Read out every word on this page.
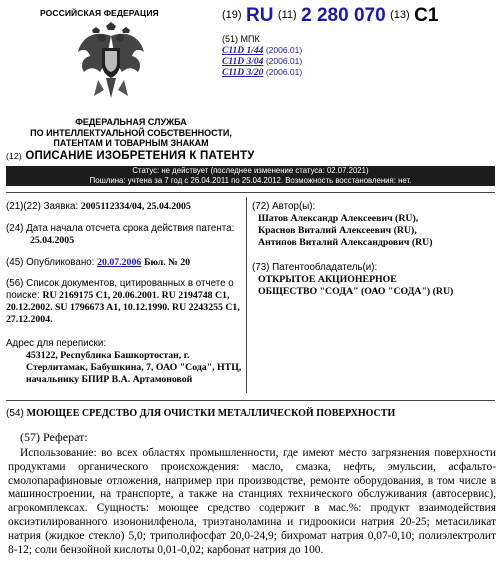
РОССИЙСКАЯ ФЕДЕРАЦИЯ
ФЕДЕРАЛЬНАЯ СЛУЖБА
ПО ИНТЕЛЛЕКТУАЛЬНОЙ СОБСТВЕННОСТИ,
ПАТЕНТАМ И ТОВАРНЫМ ЗНАКАМ
$^{(19)}$ RU $^{(11)}$ 2 280 070 $^{(13)}$ C1
(51) МПК
C11D 1/44 (2006.01)
C11D 3/04 (2006.01)
C11D 3/20 (2006.01)
(12) ОПИСАНИЕ ИЗОБРЕТЕНИЯ К ПАТЕНТУ
Статус: не действует (последнее изменение статуса: 02.07.2021)
Пошлина: учтена за 7 год с 26.04.2011 по 25.04.2012. Возможность восстановления: нет.
(21)(22) Заявка: 2005112334/04, 25.04.2005
(24) Дата начала отсчета срока действия патента:
25.04.2005
(45) Опубликовано: 20.07.2006 Бюл. № 20
(56) Список документов, цитированных в отчете о поиске: RU 2169175 C1, 20.06.2001. RU 2194748 C1, 20.12.2002. SU 1796673 A1, 10.12.1990. RU 2243255 C1, 27.12.2004.
Адрес для переписки:
453122, Республика Башкортостан, г. Стерлитамак, Бабушкина, 7, ОАО "Сода", НТЦ, начальнику БПИР В.А. Артамоновой
(72) Автор(ы):
Шатов Александр Алексеевич (RU),
Краснов Виталий Алексеевич (RU),
Антипов Виталий Александрович (RU)
(73) Патентообладатель(и):
ОТКРЫТОЕ АКЦИОНЕРНОЕ ОБЩЕСТВО "СОДА" (ОАО "СОДА") (RU)
(54) МОЮЩЕЕ СРЕДСТВО ДЛЯ ОЧИСТКИ МЕТАЛЛИЧЕСКОЙ ПОВЕРХНОСТИ
(57) Реферат:
Использование: во всех областях промышленности, где имеют место загрязнения поверхности продуктами органического происхождения: масло, смазка, нефть, эмульсии, асфальто-смолопарафиновые отложения, например при производстве, ремонте оборудования, в том числе в машиностроении, на транспорте, а также на станциях технического обслуживания (автосервис), агрокомплексах. Сущность: моющее средство содержит в мас.%: продукт взаимодействия оксиэтилированного изононилфенола, триэтаноламина и гидроокиси натрия 20-25; метасиликат натрия (жидкое стекло) 5,0; триполифосфат 20,0-24,9; бихромат натрия 0,07-0,10; полиэлектролит 8-12; соли бензойной кислоты 0,01-0,02; карбонат натрия до 100.
